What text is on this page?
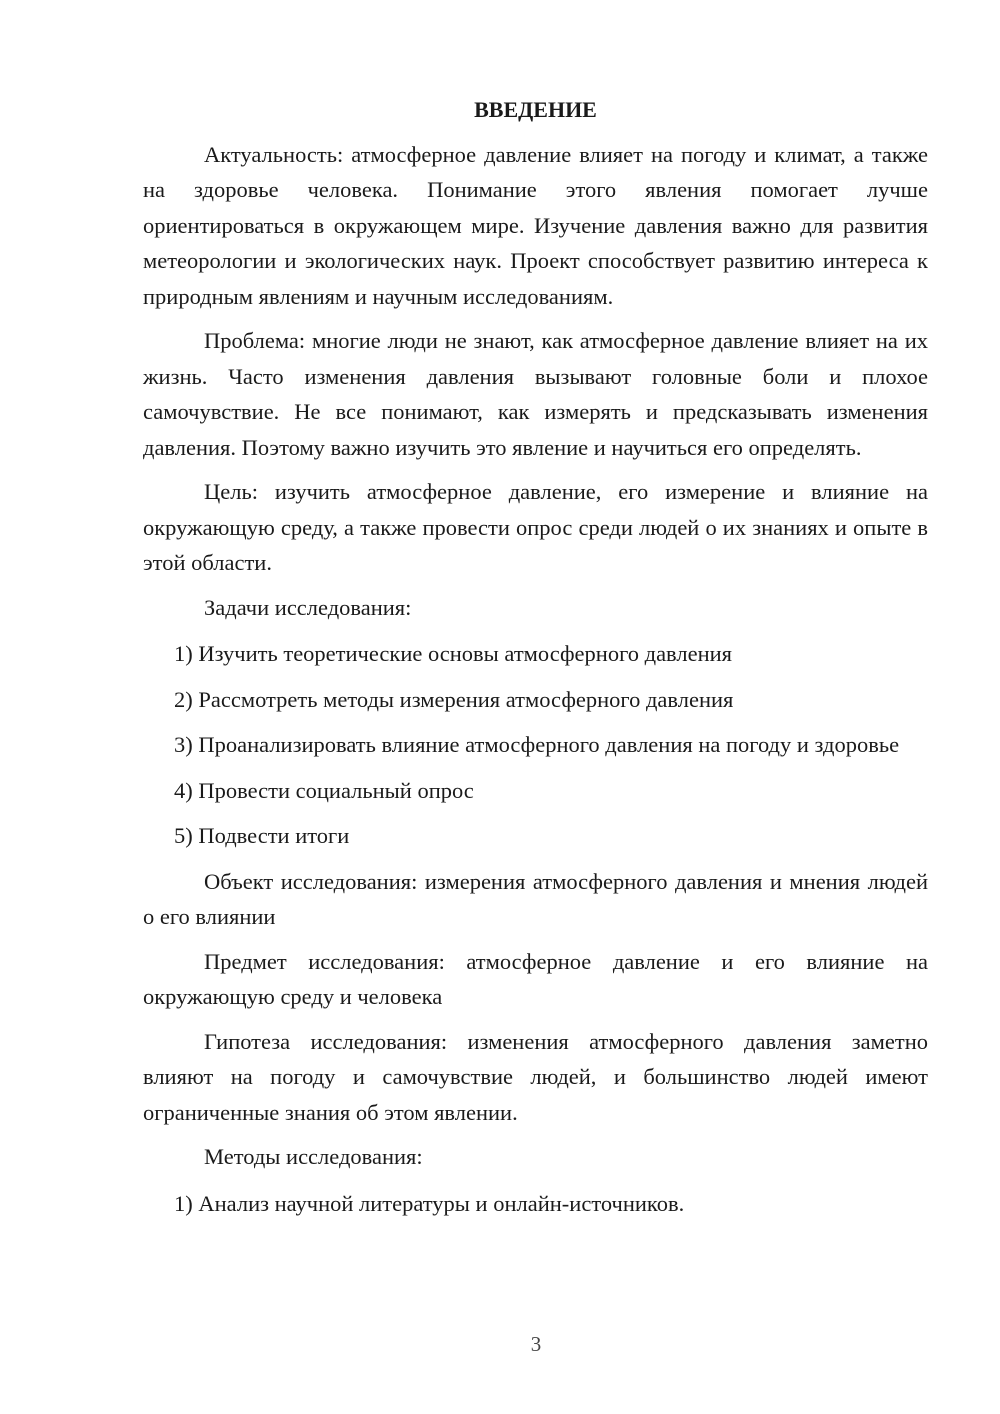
ВВЕДЕНИЕ

Актуальность: атмосферное давление влияет на погоду и климат, а также на здоровье человека. Понимание этого явления помогает лучше ориентироваться в окружающем мире. Изучение давления важно для развития метеорологии и экологических наук. Проект способствует развитию интереса к природным явлениям и научным исследованиям.

Проблема: многие люди не знают, как атмосферное давление влияет на их жизнь. Часто изменения давления вызывают головные боли и плохое самочувствие. Не все понимают, как измерять и предсказывать изменения давления. Поэтому важно изучить это явление и научиться его определять.

Цель: изучить атмосферное давление, его измерение и влияние на окружающую среду, а также провести опрос среди людей о их знаниях и опыте в этой области.

Задачи исследования:

1) Изучить теоретические основы атмосферного давления

2) Рассмотреть методы измерения атмосферного давления

3) Проанализировать влияние атмосферного давления на погоду и здоровье

4) Провести социальный опрос

5) Подвести итоги

Объект исследования: измерения атмосферного давления и мнения людей о его влиянии

Предмет исследования: атмосферное давление и его влияние на окружающую среду и человека

Гипотеза исследования: изменения атмосферного давления заметно влияют на погоду и самочувствие людей, и большинство людей имеют ограниченные знания об этом явлении.

Методы исследования:

1) Анализ научной литературы и онлайн-источников.

3
